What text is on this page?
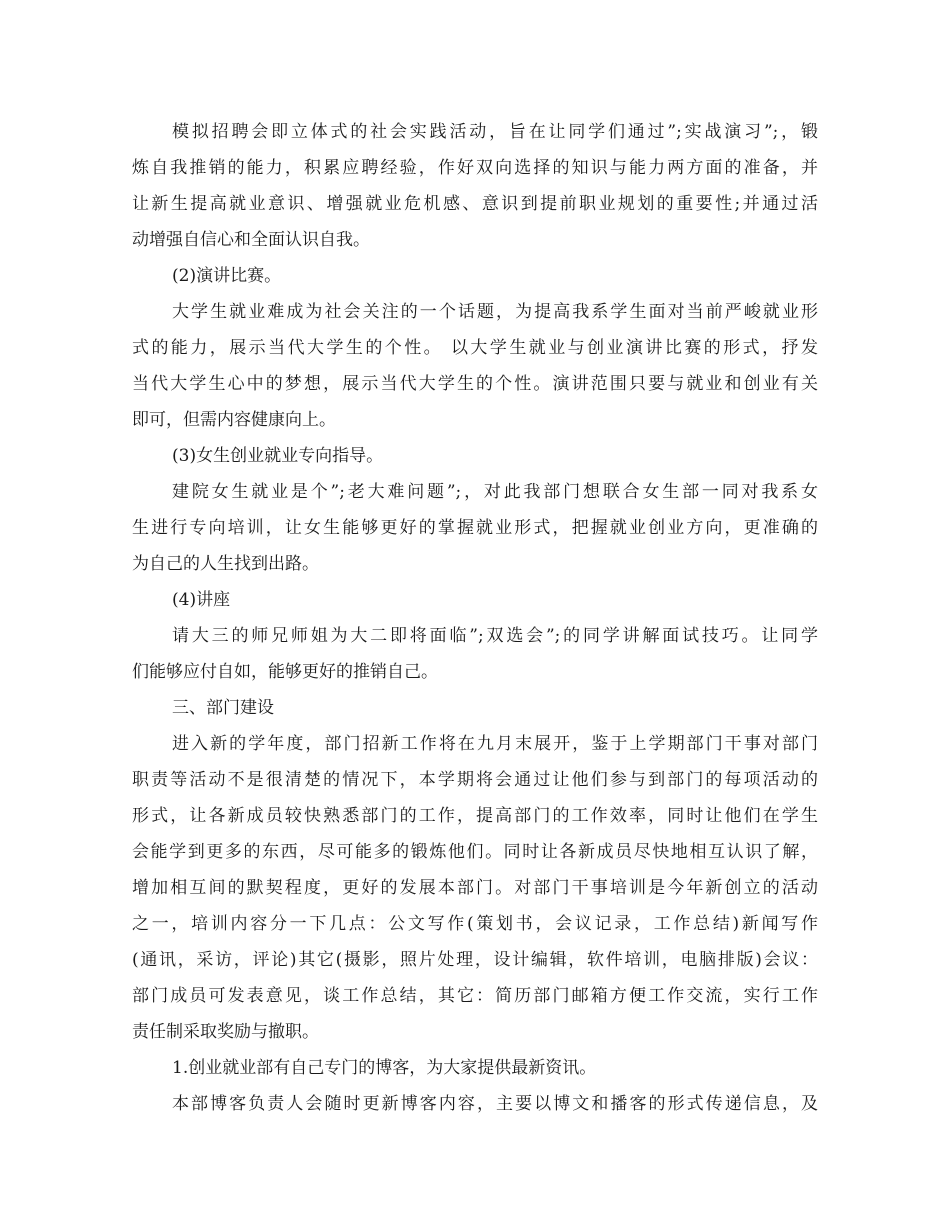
模拟招聘会即立体式的社会实践活动，旨在让同学们通过”;实战演习”;，锻
炼自我推销的能力，积累应聘经验，作好双向选择的知识与能力两方面的准备，并
让新生提高就业意识、增强就业危机感、意识到提前职业规划的重要性;并通过活
动增强自信心和全面认识自我。
(2)演讲比赛。
大学生就业难成为社会关注的一个话题，为提高我系学生面对当前严峻就业形
式的能力，展示当代大学生的个性。 以大学生就业与创业演讲比赛的形式，抒发
当代大学生心中的梦想，展示当代大学生的个性。演讲范围只要与就业和创业有关
即可，但需内容健康向上。
(3)女生创业就业专向指导。
建院女生就业是个”;老大难问题”;，对此我部门想联合女生部一同对我系女
生进行专向培训，让女生能够更好的掌握就业形式，把握就业创业方向，更准确的
为自己的人生找到出路。
(4)讲座
请大三的师兄师姐为大二即将面临”;双选会”;的同学讲解面试技巧。让同学
们能够应付自如，能够更好的推销自己。
三、部门建设
进入新的学年度，部门招新工作将在九月末展开，鉴于上学期部门干事对部门
职责等活动不是很清楚的情况下，本学期将会通过让他们参与到部门的每项活动的
形式，让各新成员较快熟悉部门的工作，提高部门的工作效率，同时让他们在学生
会能学到更多的东西，尽可能多的锻炼他们。同时让各新成员尽快地相互认识了解，
增加相互间的默契程度，更好的发展本部门。对部门干事培训是今年新创立的活动
之一，培训内容分一下几点：公文写作(策划书，会议记录，工作总结)新闻写作
(通讯，采访，评论)其它(摄影，照片处理，设计编辑，软件培训，电脑排版)会议：
部门成员可发表意见，谈工作总结，其它：简历部门邮箱方便工作交流，实行工作
责任制采取奖励与撤职。
1.创业就业部有自己专门的博客，为大家提供最新资讯。
本部博客负责人会随时更新博客内容，主要以博文和播客的形式传递信息，及
